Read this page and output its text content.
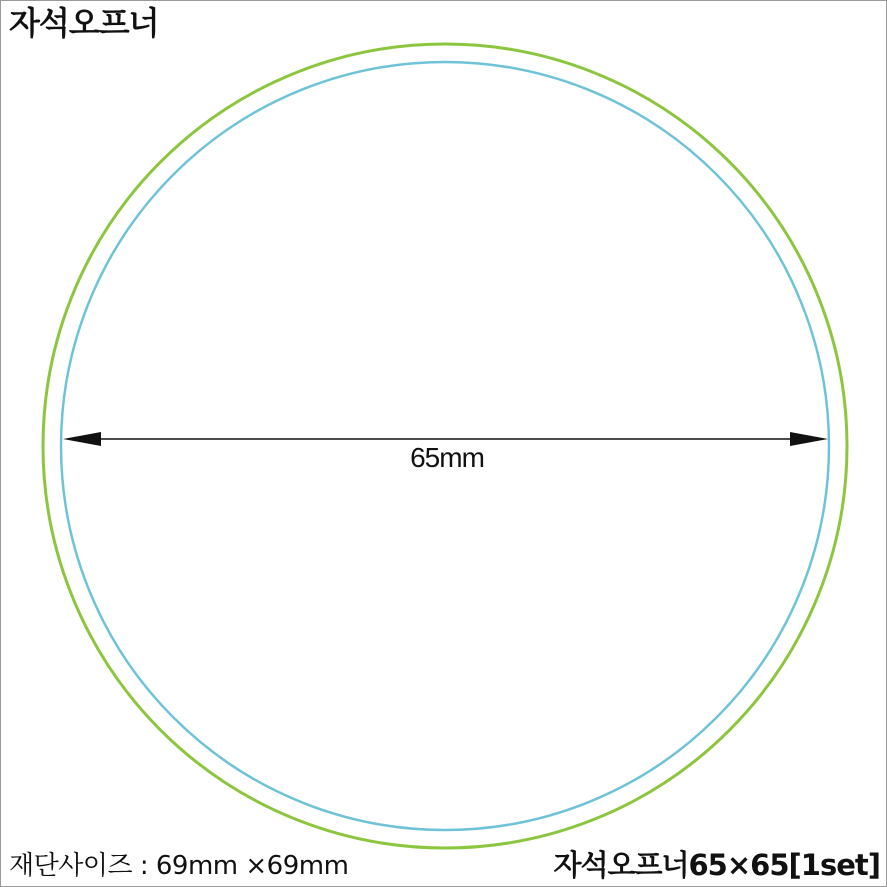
자석오프너
65mm
재단사이즈 : 69mm ×69mm	자석오프너65×65[1set]
